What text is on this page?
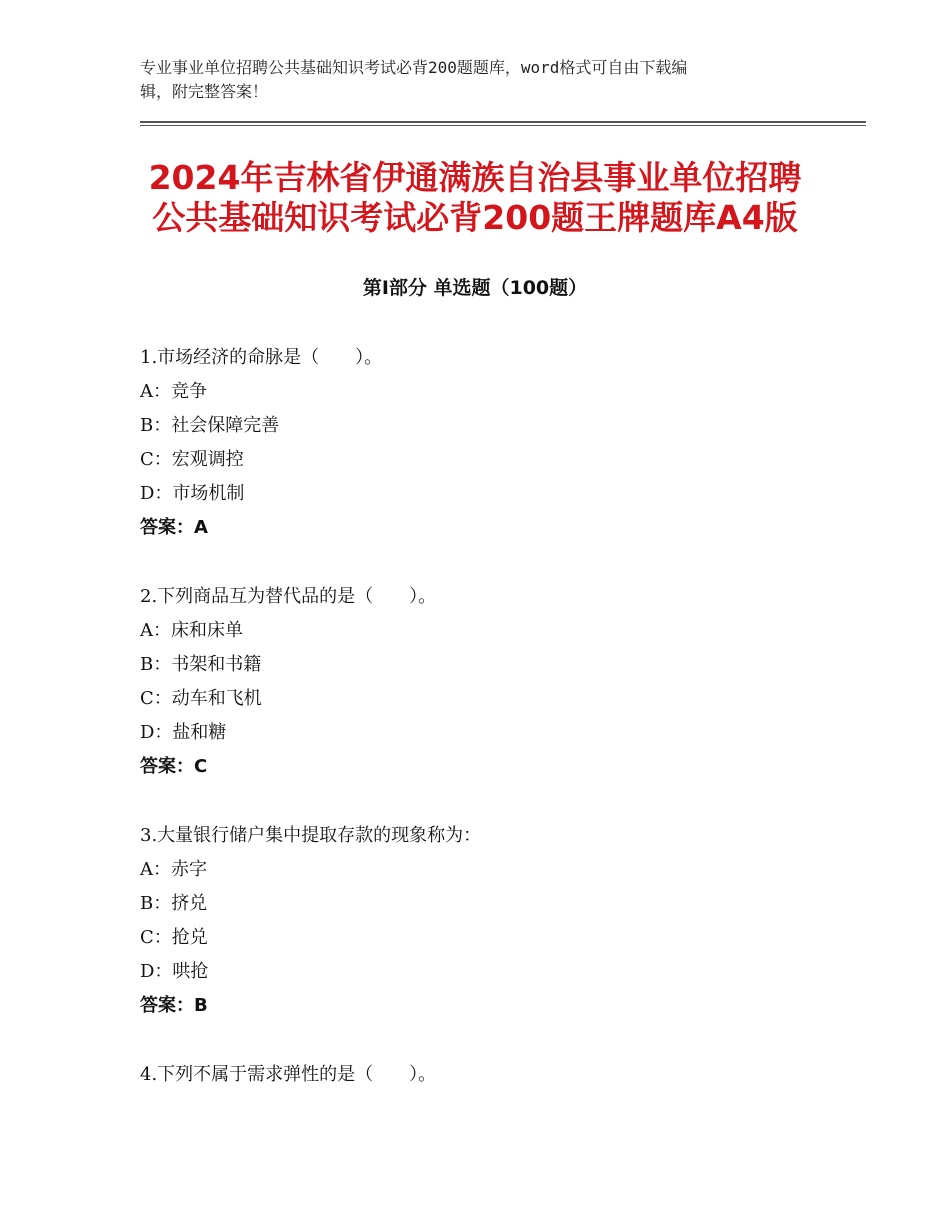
专业事业单位招聘公共基础知识考试必背200题题库，word格式可自由下载编
辑，附完整答案！
2024年吉林省伊通满族自治县事业单位招聘
公共基础知识考试必背200题王牌题库A4版
第Ⅰ部分 单选题（100题）
1.市场经济的命脉是（　　）。
A：竞争
B：社会保障完善
C：宏观调控
D：市场机制
答案：A
2.下列商品互为替代品的是（　　）。
A：床和床单
B：书架和书籍
C：动车和飞机
D：盐和糖
答案：C
3.大量银行储户集中提取存款的现象称为：
A：赤字
B：挤兑
C：抢兑
D：哄抢
答案：B
4.下列不属于需求弹性的是（　　）。
